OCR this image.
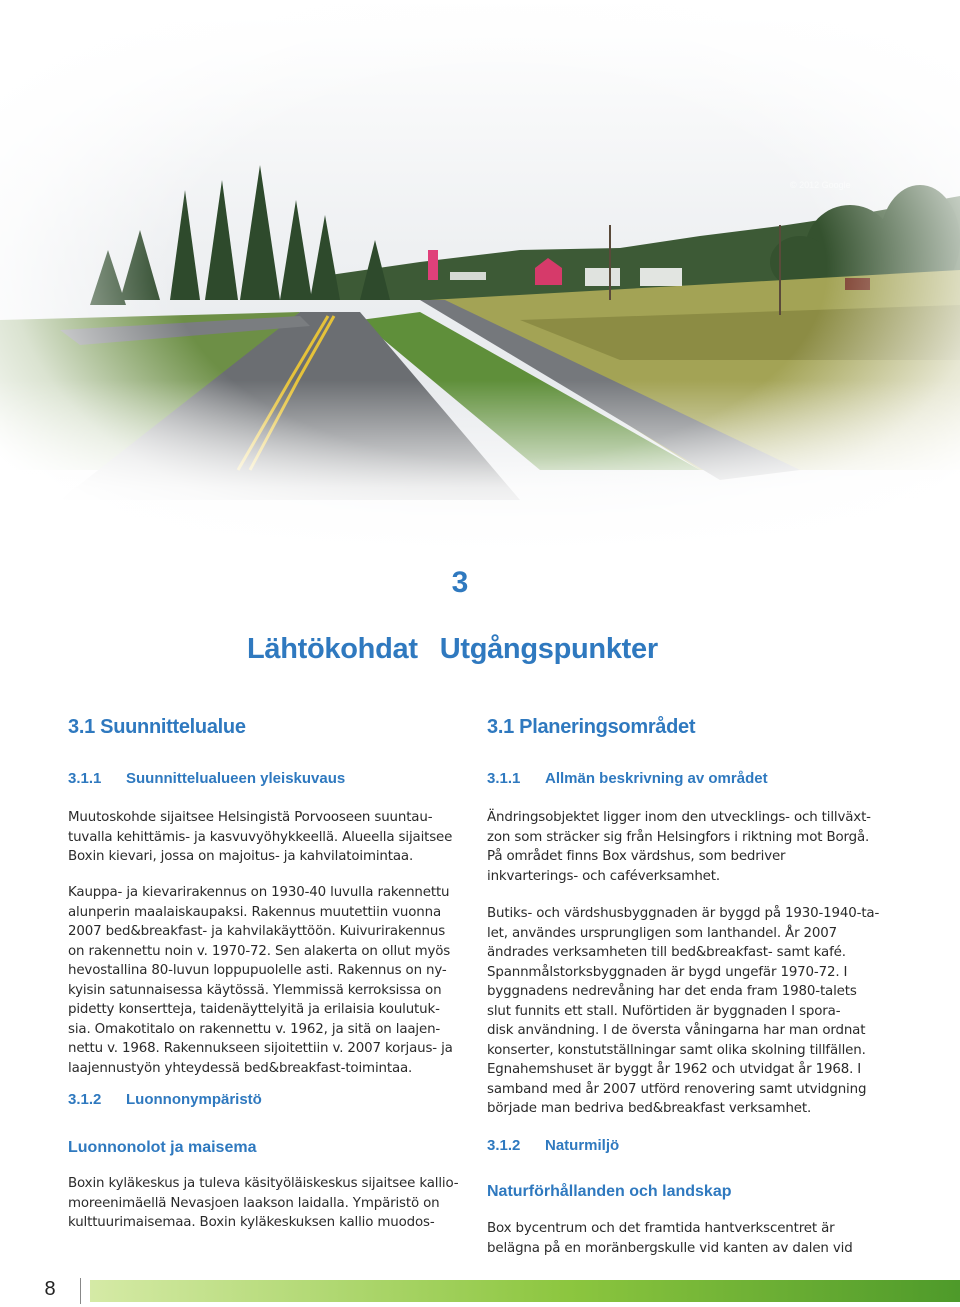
© 2012 Google
3
Lähtökohdat Utgångspunkter
3.1 Suunnittelualue
3.1.1 Suunnittelualueen yleiskuvaus

Muutoskohde sijaitsee Helsingistä Porvooseen suuntau-
tuvalla kehittämis- ja kasvuvyöhykkeellä. Alueella sijaitsee
Boxin kievari, jossa on majoitus- ja kahvilatoimintaa.

Kauppa- ja kievarirakennus on 1930-40 luvulla rakennettu
alunperin maalaiskaupaksi. Rakennus muutettiin vuonna
2007 bed&breakfast- ja kahvilakäyttöön. Kuivurirakennus
on rakennettu noin v. 1970-72. Sen alakerta on ollut myös
hevostallina 80-luvun loppupuolelle asti. Rakennus on ny-
kyisin satunnaisessa käytössä. Ylemmissä kerroksissa on
pidetty konsertteja, taidenäyttelyitä ja erilaisia koulutuk-
sia. Omakotitalo on rakennettu v. 1962, ja sitä on laajen-
nettu v. 1968. Rakennukseen sijoitettiin v. 2007 korjaus- ja
laajennustyön yhteydessä bed&breakfast-toimintaa.

3.1.2 Luonnonympäristö
Luonnonolot ja maisema

Boxin kyläkeskus ja tuleva käsityöläiskeskus sijaitsee kallio-
moreenimäellä Nevasjoen laakson laidalla. Ympäristö on
kulttuurimaisemaa. Boxin kyläkeskuksen kallio muodos-

3.1 Planeringsområdet
3.1.1 Allmän beskrivning av området

Ändringsobjektet ligger inom den utvecklings- och tillväxt-
zon som sträcker sig från Helsingfors i riktning mot Borgå.
På området finns Box värdshus, som bedriver
inkvarterings- och caféverksamhet.

Butiks- och värdshusbyggnaden är byggd på 1930-1940-ta-
let, användes ursprungligen som lanthandel. År 2007
ändrades verksamheten till bed&breakfast- samt kafé.
Spannmålstorksbyggnaden är bygd ungefär 1970-72. I
byggnadens nedrevåning har det enda fram 1980-talets
slut funnits ett stall. Nuförtiden är byggnaden I spora-
disk användning. I de översta våningarna har man ordnat
konserter, konstutställningar samt olika skolning tillfällen.
Egnahemshuset är byggt år 1962 och utvidgat år 1968. I
samband med år 2007 utförd renovering samt utvidgning
började man bedriva bed&breakfast verksamhet.

3.1.2 Naturmiljö
Naturförhållanden och landskap

Box bycentrum och det framtida hantverkscentret är
belägna på en moränbergskulle vid kanten av dalen vid

8
